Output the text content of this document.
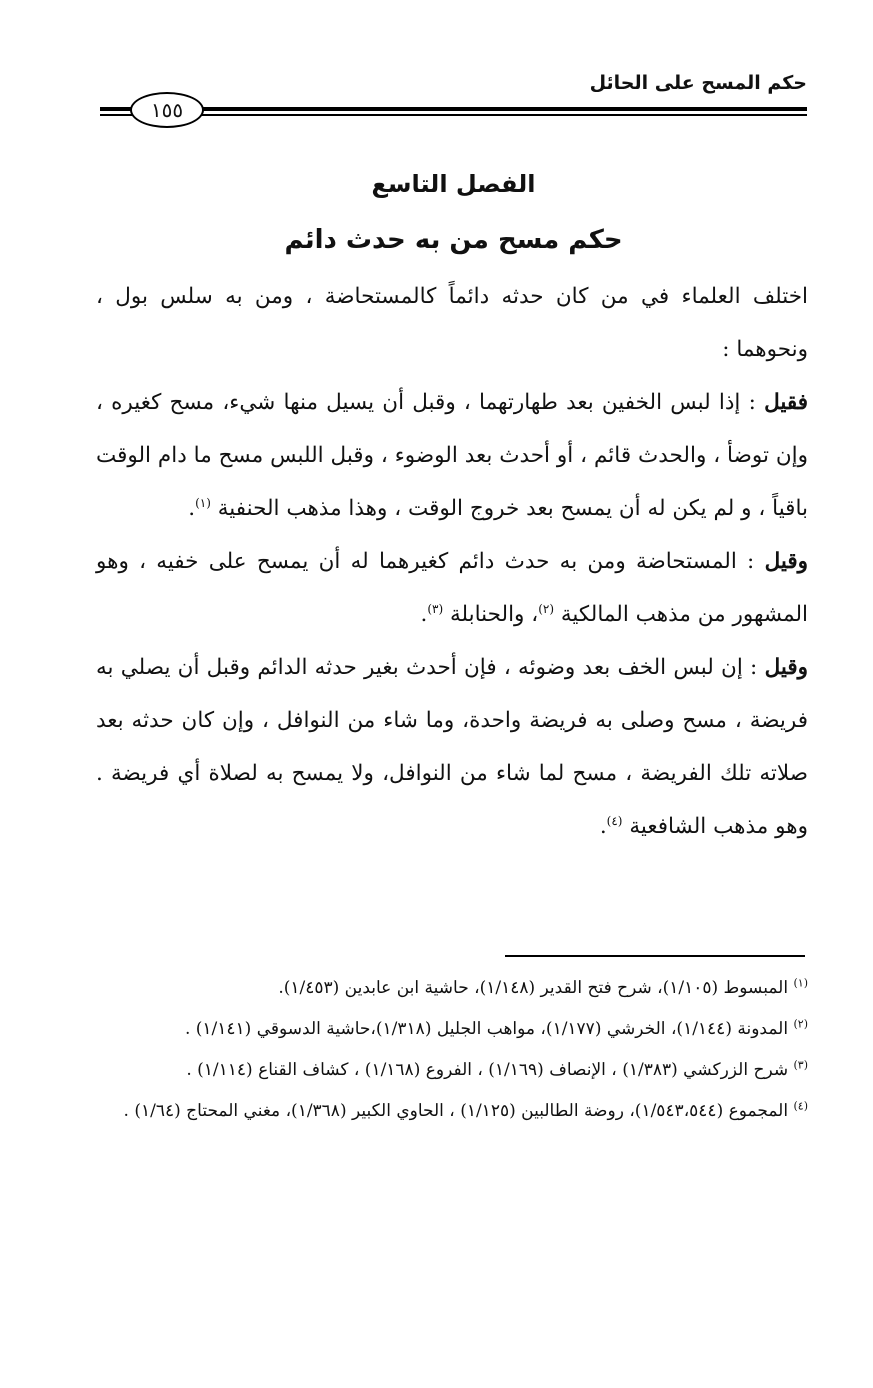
حكم المسح على الحائل
١٥٥
الفصل التاسع
حكم مسح من به حدث دائم

اختلف العلماء في من كان حدثه دائماً كالمستحاضة ، ومن به سلس بول ، ونحوهما :

فقيل : إذا لبس الخفين بعد طهارتهما ، وقبل أن يسيل منها شيء، مسح كغيره ، وإن توضأ ، والحدث قائم ، أو أحدث بعد الوضوء ، وقبل اللبس مسح ما دام الوقت باقياً ، و لم يكن له أن يمسح بعد خروج الوقت ، وهذا مذهب الحنفية $^{(١)}$.

وقيل : المستحاضة ومن به حدث دائم كغيرهما له أن يمسح على خفيه ، وهو المشهور من مذهب المالكية $^{(٢)}$، والحنابلة $^{(٣)}$.

وقيل : إن لبس الخف بعد وضوئه ، فإن أحدث بغير حدثه الدائم وقبل أن يصلي به فريضة ، مسح وصلى به فريضة واحدة، وما شاء من النوافل ، وإن كان حدثه بعد صلاته تلك الفريضة ، مسح لما شاء من النوافل، ولا يمسح به لصلاة أي فريضة . وهو مذهب الشافعية $^{(٤)}$.

$^{(١)}$ المبسوط (١/١٠٥)، شرح فتح القدير (١/١٤٨)، حاشية ابن عابدين (١/٤٥٣).

$^{(٢)}$ المدونة (١/١٤٤)، الخرشي (١/١٧٧)، مواهب الجليل (١/٣١٨)،حاشية الدسوقي (١/١٤١) .

$^{(٣)}$ شرح الزركشي (١/٣٨٣) ، الإنصاف (١/١٦٩) ، الفروع (١/١٦٨) ، كشاف القناع (١/١١٤) .

$^{(٤)}$ المجموع (١/٥٤٣،٥٤٤)، روضة الطالبين (١/١٢٥) ، الحاوي الكبير (١/٣٦٨)، مغني المحتاج (١/٦٤) .
